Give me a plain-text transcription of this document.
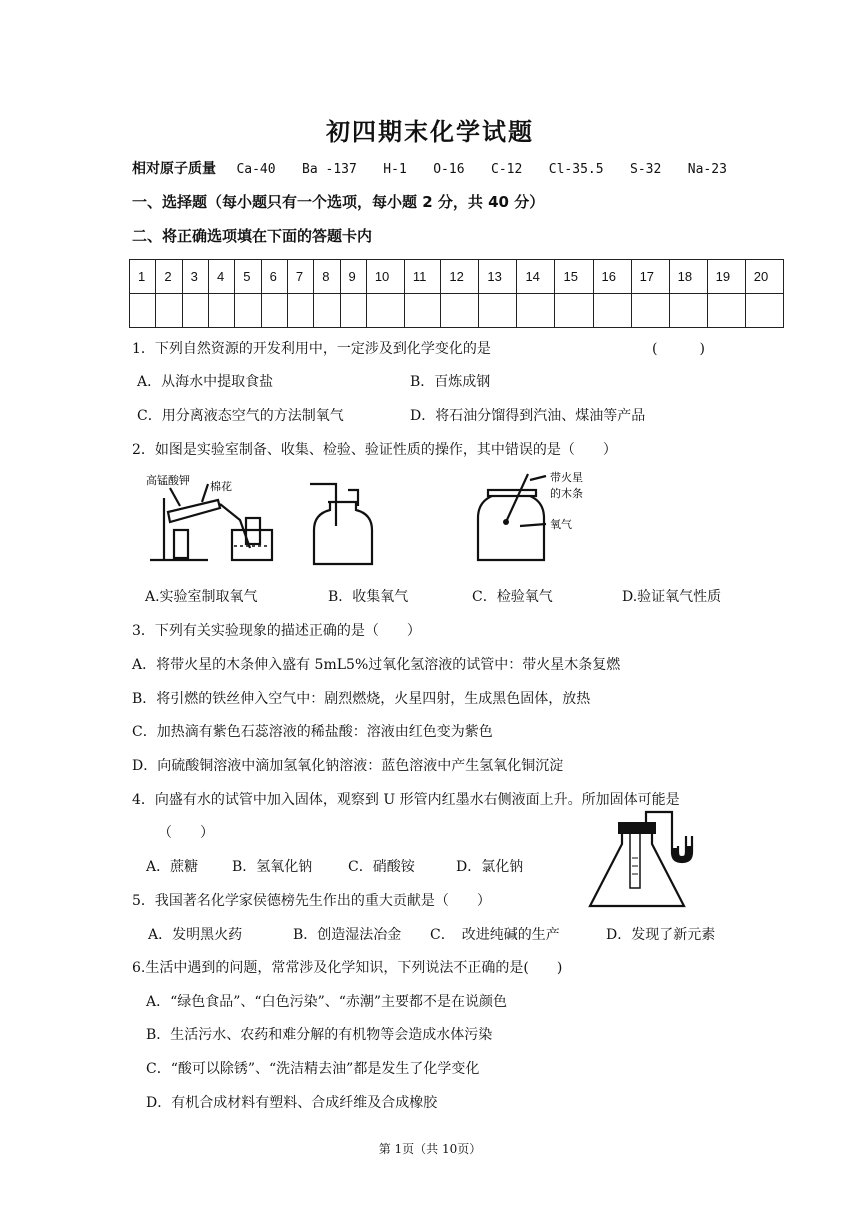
初四期末化学试题
相对原子质量 Ca-40 Ba -137 H-1 O-16 C-12 Cl-35.5 S-32 Na-23
一、选择题（每小题只有一个选项，每小题 2 分，共 40 分）
二、将正确选项填在下面的答题卡内
1	2	3	4	5	6	7	8	9	10	11	12	13	14	15	16	17	18	19	20

1．下列自然资源的开发利用中，一定涉及到化学变化的是	(　　　)
A．从海水中提取食盐	B．百炼成钢
C．用分离液态空气的方法制氧气	D．将石油分馏得到汽油、煤油等产品
2．如图是实验室制备、收集、检验、验证性质的操作，其中错误的是（　　）
高锰酸钾 棉花
带火星
的木条
氧气
A.实验室制取氧气	B．收集氧气	C．检验氧气	D.验证氧气性质
3．下列有关实验现象的描述正确的是（　　）
A．将带火星的木条伸入盛有 5mL5%过氧化氢溶液的试管中：带火星木条复燃
B．将引燃的铁丝伸入空气中：剧烈燃烧，火星四射，生成黑色固体，放热
C．加热滴有紫色石蕊溶液的稀盐酸：溶液由红色变为紫色
D．向硫酸铜溶液中滴加氢氧化钠溶液：蓝色溶液中产生氢氧化铜沉淀
4．向盛有水的试管中加入固体，观察到 U 形管内红墨水右侧液面上升。所加固体可能是
（　　）
A．蔗糖 B．氢氧化钠	C．硝酸铵	D．氯化钠
5．我国著名化学家侯德榜先生作出的重大贡献是（　　）
A．发明黑火药	B．创造湿法冶金 C．　改进纯碱的生产	D．发现了新元素
6.生活中遇到的问题，常常涉及化学知识，下列说法不正确的是(　　)
A．“绿色食品”、“白色污染”、“赤潮”主要都不是在说颜色
B．生活污水、农药和难分解的有机物等会造成水体污染
C．“酸可以除锈”、“洗洁精去油”都是发生了化学变化
D．有机合成材料有塑料、合成纤维及合成橡胶
第 1页（共 10页）
